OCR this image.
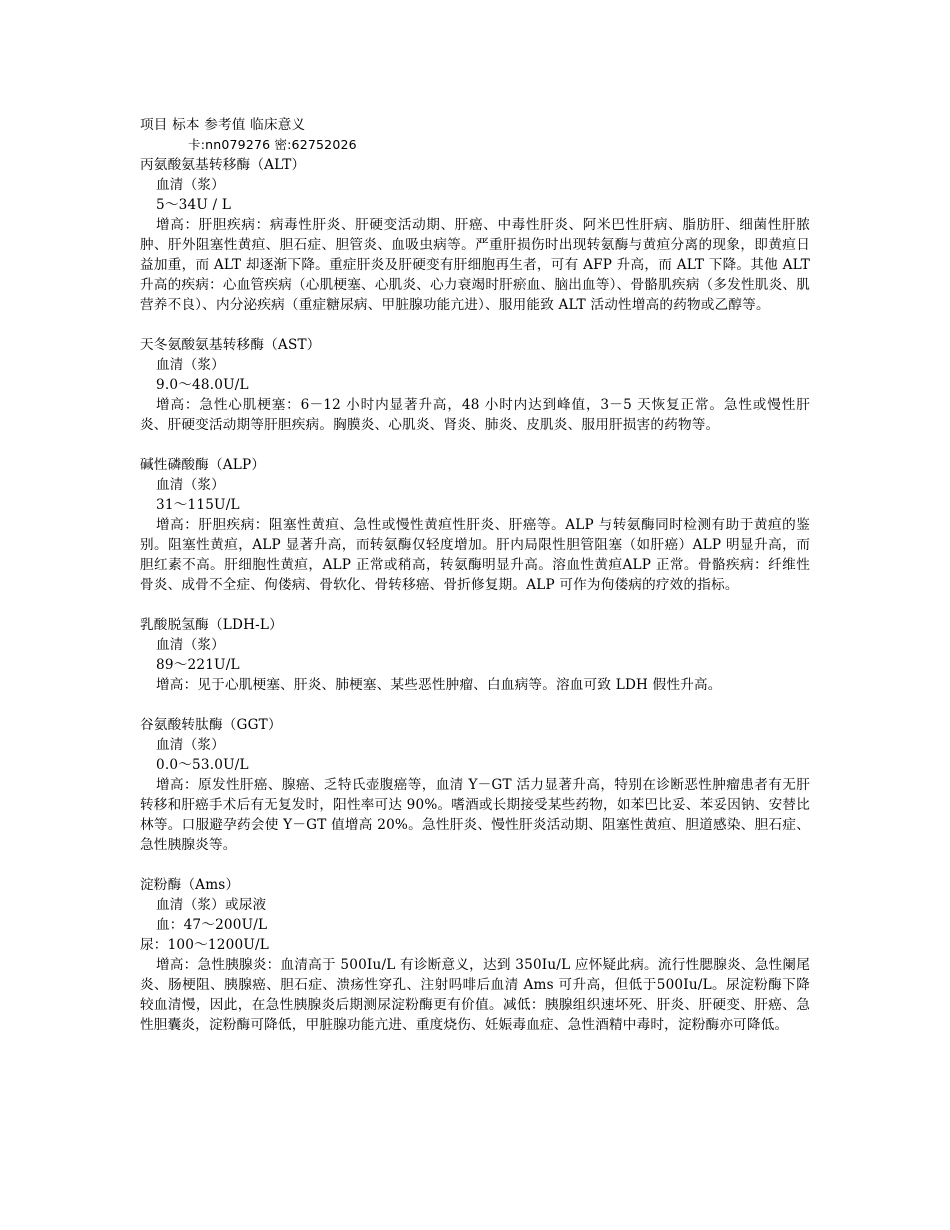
项目 标本 参考值 临床意义
卡:nn079276 密:62752026
丙氨酸氨基转移酶（ALT）
血清（浆）
5～34U / L
增高：肝胆疾病：病毒性肝炎、肝硬变活动期、肝癌、中毒性肝炎、阿米巴性肝病、脂肪肝、细菌性肝脓肿、肝外阻塞性黄疸、胆石症、胆管炎、血吸虫病等。严重肝损伤时出现转氨酶与黄疸分离的现象，即黄疸日益加重，而 ALT 却逐渐下降。重症肝炎及肝硬变有肝细胞再生者，可有 AFP 升高，而 ALT 下降。其他 ALT 升高的疾病：心血管疾病（心肌梗塞、心肌炎、心力衰竭时肝瘀血、脑出血等）、骨骼肌疾病（多发性肌炎、肌营养不良）、内分泌疾病（重症糖尿病、甲脏腺功能亢进）、服用能致 ALT 活动性增高的药物或乙醇等。
天冬氨酸氨基转移酶（AST）
血清（浆）
9.0～48.0U/L
增高：急性心肌梗塞：6－12 小时内显著升高，48 小时内达到峰值，3－5 天恢复正常。急性或慢性肝炎、肝硬变活动期等肝胆疾病。胸膜炎、心肌炎、肾炎、肺炎、皮肌炎、服用肝损害的药物等。
碱性磷酸酶（ALP）
血清（浆）
31～115U/L
增高：肝胆疾病：阻塞性黄疸、急性或慢性黄疸性肝炎、肝癌等。ALP 与转氨酶同时检测有助于黄疸的鉴别。阻塞性黄疸，ALP 显著升高，而转氨酶仅轻度增加。肝内局限性胆管阻塞（如肝癌）ALP 明显升高，而胆红素不高。肝细胞性黄疸，ALP 正常或稍高，转氨酶明显升高。溶血性黄疸ALP 正常。骨骼疾病：纤维性骨炎、成骨不全症、佝偻病、骨软化、骨转移癌、骨折修复期。ALP 可作为佝偻病的疗效的指标。
乳酸脱氢酶（LDH-L）
血清（浆）
89～221U/L
增高：见于心肌梗塞、肝炎、肺梗塞、某些恶性肿瘤、白血病等。溶血可致 LDH 假性升高。
谷氨酸转肽酶（GGT）
血清（浆）
0.0～53.0U/L
增高：原发性肝癌、腺癌、乏特氏壶腹癌等，血清 Y－GT 活力显著升高，特别在诊断恶性肿瘤患者有无肝转移和肝癌手术后有无复发时，阳性率可达 90%。嗜酒或长期接受某些药物，如苯巴比妥、苯妥因钠、安替比林等。口服避孕药会使 Y－GT 值增高 20%。急性肝炎、慢性肝炎活动期、阻塞性黄疸、胆道感染、胆石症、急性胰腺炎等。
淀粉酶（Ams）
血清（浆）或尿液
血：47～200U/L
尿：100～1200U/L
增高：急性胰腺炎：血清高于 500Iu/L 有诊断意义，达到 350Iu/L 应怀疑此病。流行性腮腺炎、急性阑尾炎、肠梗阻、胰腺癌、胆石症、溃疡性穿孔、注射吗啡后血清 Ams 可升高，但低于500Iu/L。尿淀粉酶下降较血清慢，因此，在急性胰腺炎后期测尿淀粉酶更有价值。减低：胰腺组织速坏死、肝炎、肝硬变、肝癌、急性胆囊炎，淀粉酶可降低，甲脏腺功能亢进、重度烧伤、妊娠毒血症、急性酒精中毒时，淀粉酶亦可降低。
